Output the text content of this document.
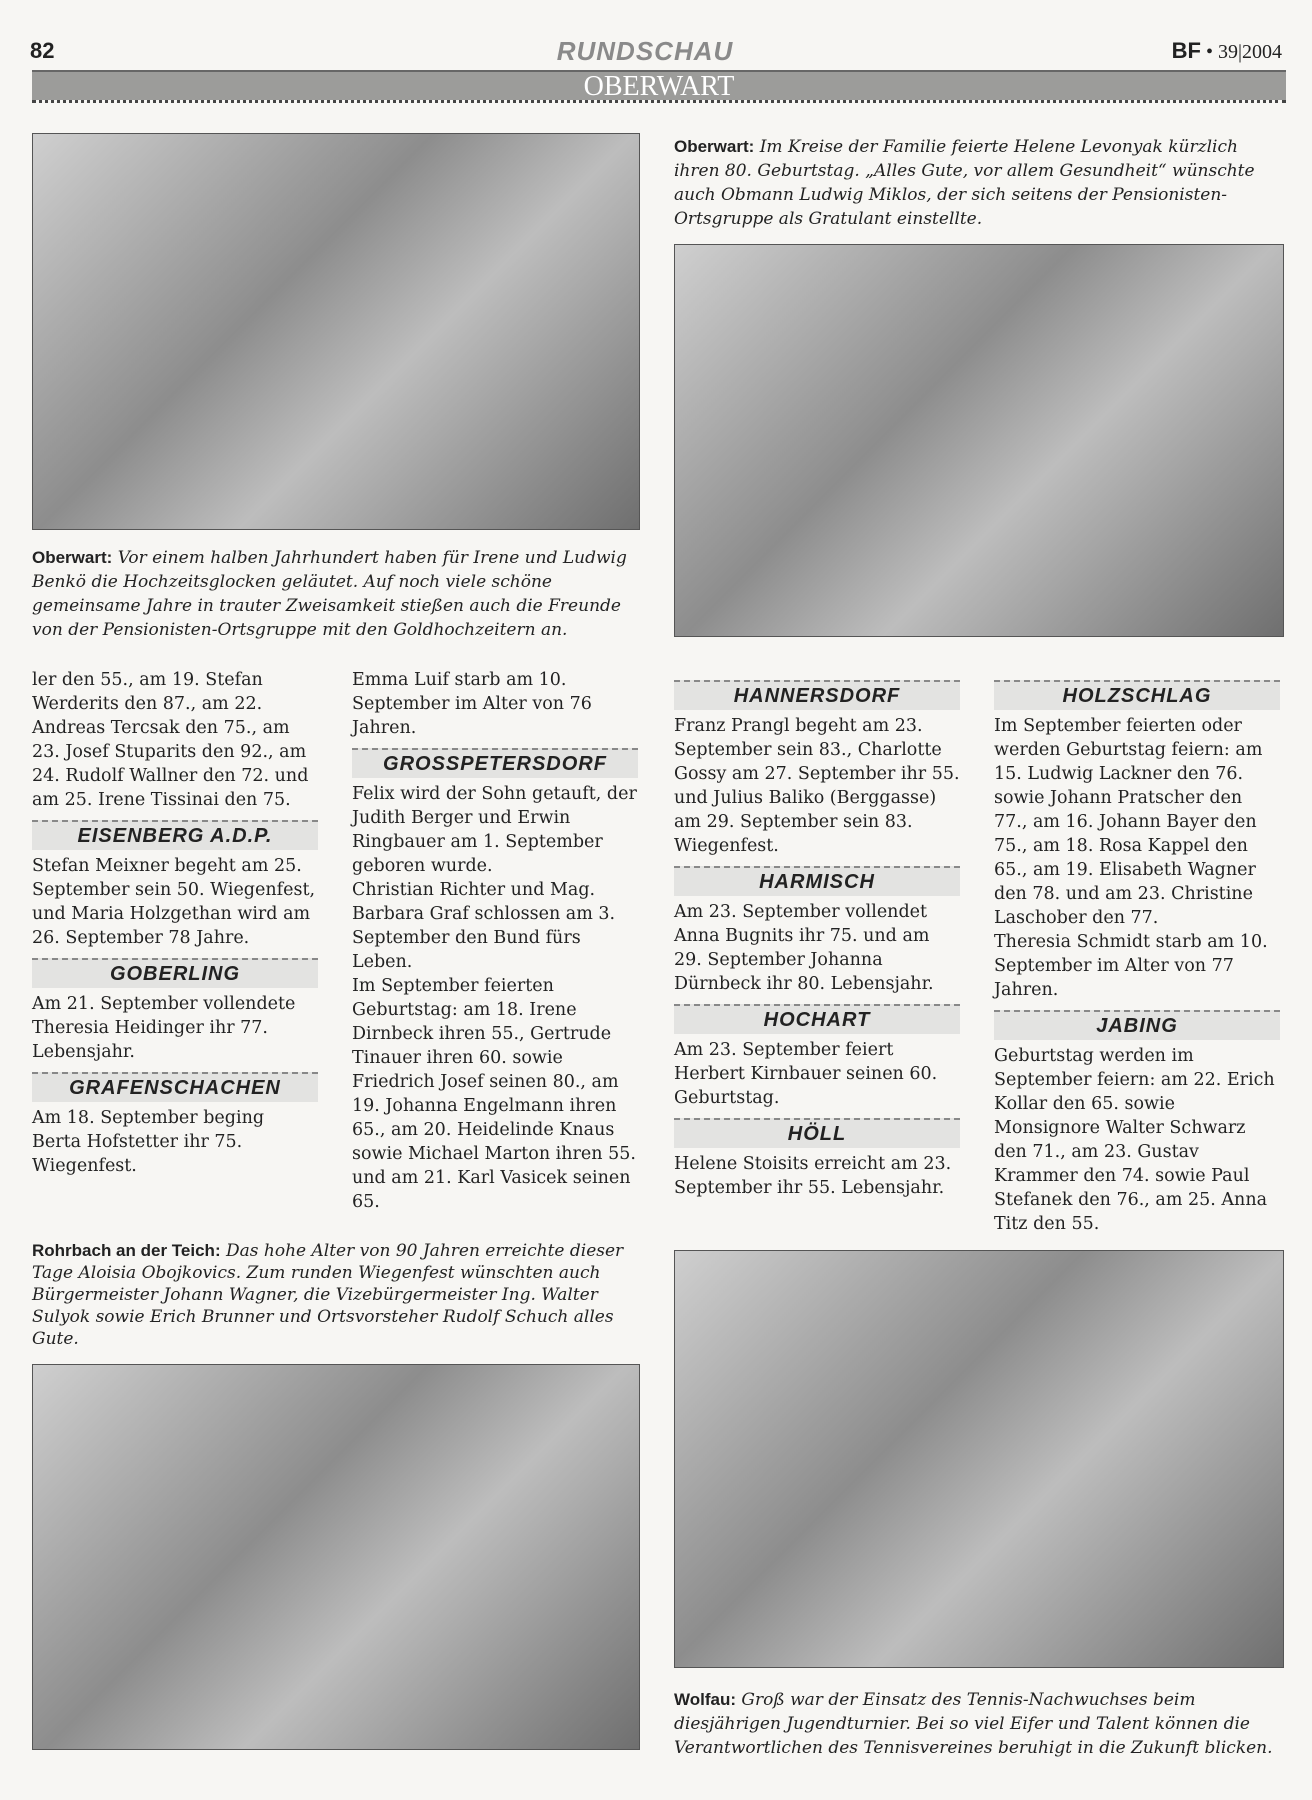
82	RUNDSCHAU	BF • 39|2004
OBERWART
Oberwart: Vor einem halben Jahrhundert haben für Irene und Ludwig Benkö die Hochzeitsglocken geläutet. Auf noch viele schöne gemeinsame Jahre in trauter Zweisamkeit stießen auch die Freunde von der Pensionisten-Ortsgruppe mit den Goldhochzeitern an.
Oberwart: Im Kreise der Familie feierte Helene Levonyak kürzlich ihren 80. Geburtstag. „Alles Gute, vor allem Gesundheit“ wünschte auch Obmann Ludwig Miklos, der sich seitens der Pensionisten-Ortsgruppe als Gratulant einstellte.

ler den 55., am 19. Stefan Werderits den 87., am 22. Andreas Tercsak den 75., am 23. Josef Stuparits den 92., am 24. Rudolf Wallner den 72. und am 25. Irene Tissinai den 75.

EISENBERG A.D.P.

Stefan Meixner begeht am 25. September sein 50. Wiegenfest, und Maria Holzgethan wird am 26. September 78 Jahre.

GOBERLING

Am 21. September vollendete Theresia Heidinger ihr 77. Lebensjahr.

GRAFENSCHACHEN

Am 18. September beging Berta Hofstetter ihr 75. Wiegenfest.

Emma Luif starb am 10. September im Alter von 76 Jahren.

GROSSPETERSDORF

Felix wird der Sohn getauft, der Judith Berger und Erwin Ringbauer am 1. September geboren wurde.

Christian Richter und Mag. Barbara Graf schlossen am 3. September den Bund fürs Leben.

Im September feierten Geburtstag: am 18. Irene Dirnbeck ihren 55., Gertrude Tinauer ihren 60. sowie Friedrich Josef seinen 80., am 19. Johanna Engelmann ihren 65., am 20. Heidelinde Knaus sowie Michael Marton ihren 55. und am 21. Karl Vasicek seinen 65.

HANNERSDORF

Franz Prangl begeht am 23. September sein 83., Charlotte Gossy am 27. September ihr 55. und Julius Baliko (Berggasse) am 29. September sein 83. Wiegenfest.

HARMISCH

Am 23. September vollendet Anna Bugnits ihr 75. und am 29. September Johanna Dürnbeck ihr 80. Lebensjahr.

HOCHART

Am 23. September feiert Herbert Kirnbauer seinen 60. Geburtstag.

HÖLL

Helene Stoisits erreicht am 23. September ihr 55. Lebensjahr.

HOLZSCHLAG

Im September feierten oder werden Geburtstag feiern: am 15. Ludwig Lackner den 76. sowie Johann Pratscher den 77., am 16. Johann Bayer den 75., am 18. Rosa Kappel den 65., am 19. Elisabeth Wagner den 78. und am 23. Christine Laschober den 77.

Theresia Schmidt starb am 10. September im Alter von 77 Jahren.

JABING

Geburtstag werden im September feiern: am 22. Erich Kollar den 65. sowie Monsignore Walter Schwarz den 71., am 23. Gustav Krammer den 74. sowie Paul Stefanek den 76., am 25. Anna Titz den 55.

Rohrbach an der Teich: Das hohe Alter von 90 Jahren erreichte dieser Tage Aloisia Obojkovics. Zum runden Wiegenfest wünschten auch Bürgermeister Johann Wagner, die Vizebürgermeister Ing. Walter Sulyok sowie Erich Brunner und Ortsvorsteher Rudolf Schuch alles Gute.
Wolfau: Groß war der Einsatz des Tennis-Nachwuchses beim diesjährigen Jugendturnier. Bei so viel Eifer und Talent können die Verantwortlichen des Tennisvereines beruhigt in die Zukunft blicken.
